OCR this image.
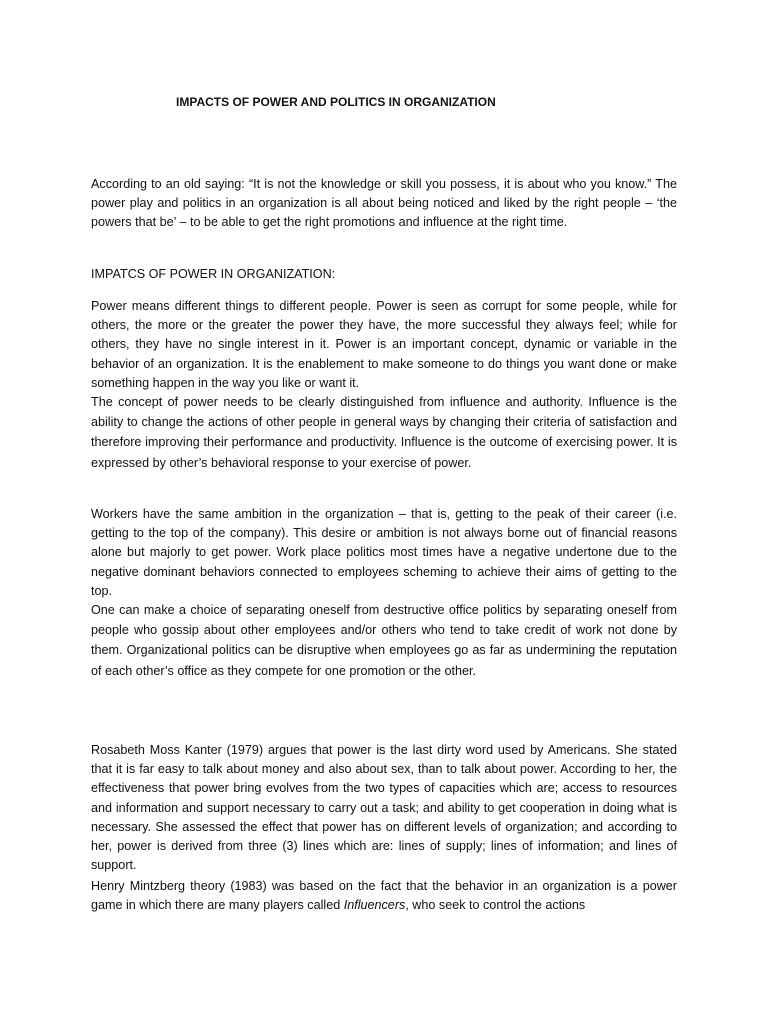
IMPACTS OF POWER AND POLITICS IN ORGANIZATION

According to an old saying: “It is not the knowledge or skill you possess, it is about who you know.” The power play and politics in an organization is all about being noticed and liked by the right people – ‘the powers that be’ – to be able to get the right promotions and influence at the right time.

IMPATCS OF POWER IN ORGANIZATION:

Power means different things to different people. Power is seen as corrupt for some people, while for others, the more or the greater the power they have, the more successful they always feel; while for others, they have no single interest in it. Power is an important concept, dynamic or variable in the behavior of an organization. It is the enablement to make someone to do things you want done or make something happen in the way you like or want it.

The concept of power needs to be clearly distinguished from influence and authority. Influence is the ability to change the actions of other people in general ways by changing their criteria of satisfaction and therefore improving their performance and productivity. Influence is the outcome of exercising power. It is expressed by other’s behavioral response to your exercise of power.

Workers have the same ambition in the organization – that is, getting to the peak of their career (i.e. getting to the top of the company). This desire or ambition is not always borne out of financial reasons alone but majorly to get power. Work place politics most times have a negative undertone due to the negative dominant behaviors connected to employees scheming to achieve their aims of getting to the top.

One can make a choice of separating oneself from destructive office politics by separating oneself from people who gossip about other employees and/or others who tend to take credit of work not done by them. Organizational politics can be disruptive when employees go as far as undermining the reputation of each other’s office as they compete for one promotion or the other.

Rosabeth Moss Kanter (1979) argues that power is the last dirty word used by Americans. She stated that it is far easy to talk about money and also about sex, than to talk about power. According to her, the effectiveness that power bring evolves from the two types of capacities which are; access to resources and information and support necessary to carry out a task; and ability to get cooperation in doing what is necessary. She assessed the effect that power has on different levels of organization; and according to her, power is derived from three (3) lines which are: lines of supply; lines of information; and lines of support.

Henry Mintzberg theory (1983) was based on the fact that the behavior in an organization is a power game in which there are many players called Influencers, who seek to control the actions
